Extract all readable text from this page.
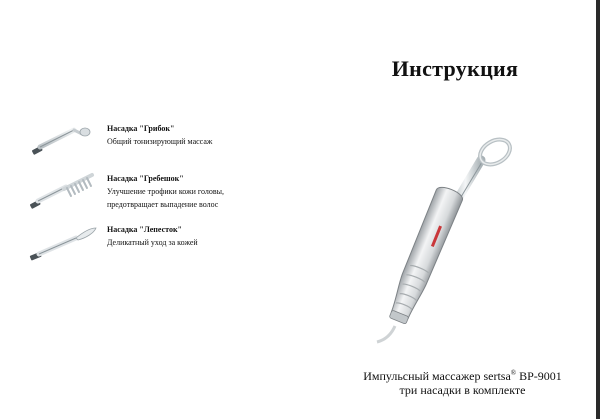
Инструкция
Насадка "Грибок"
Общий тонизирующий массаж
Насадка "Гребешок"
Улучшение трофики кожи головы,
предотвращает выпадение волос
Насадка "Лепесток"
Деликатный уход за кожей
Импульсный массажер sertsa® BP-9001
три насадки в комплекте
